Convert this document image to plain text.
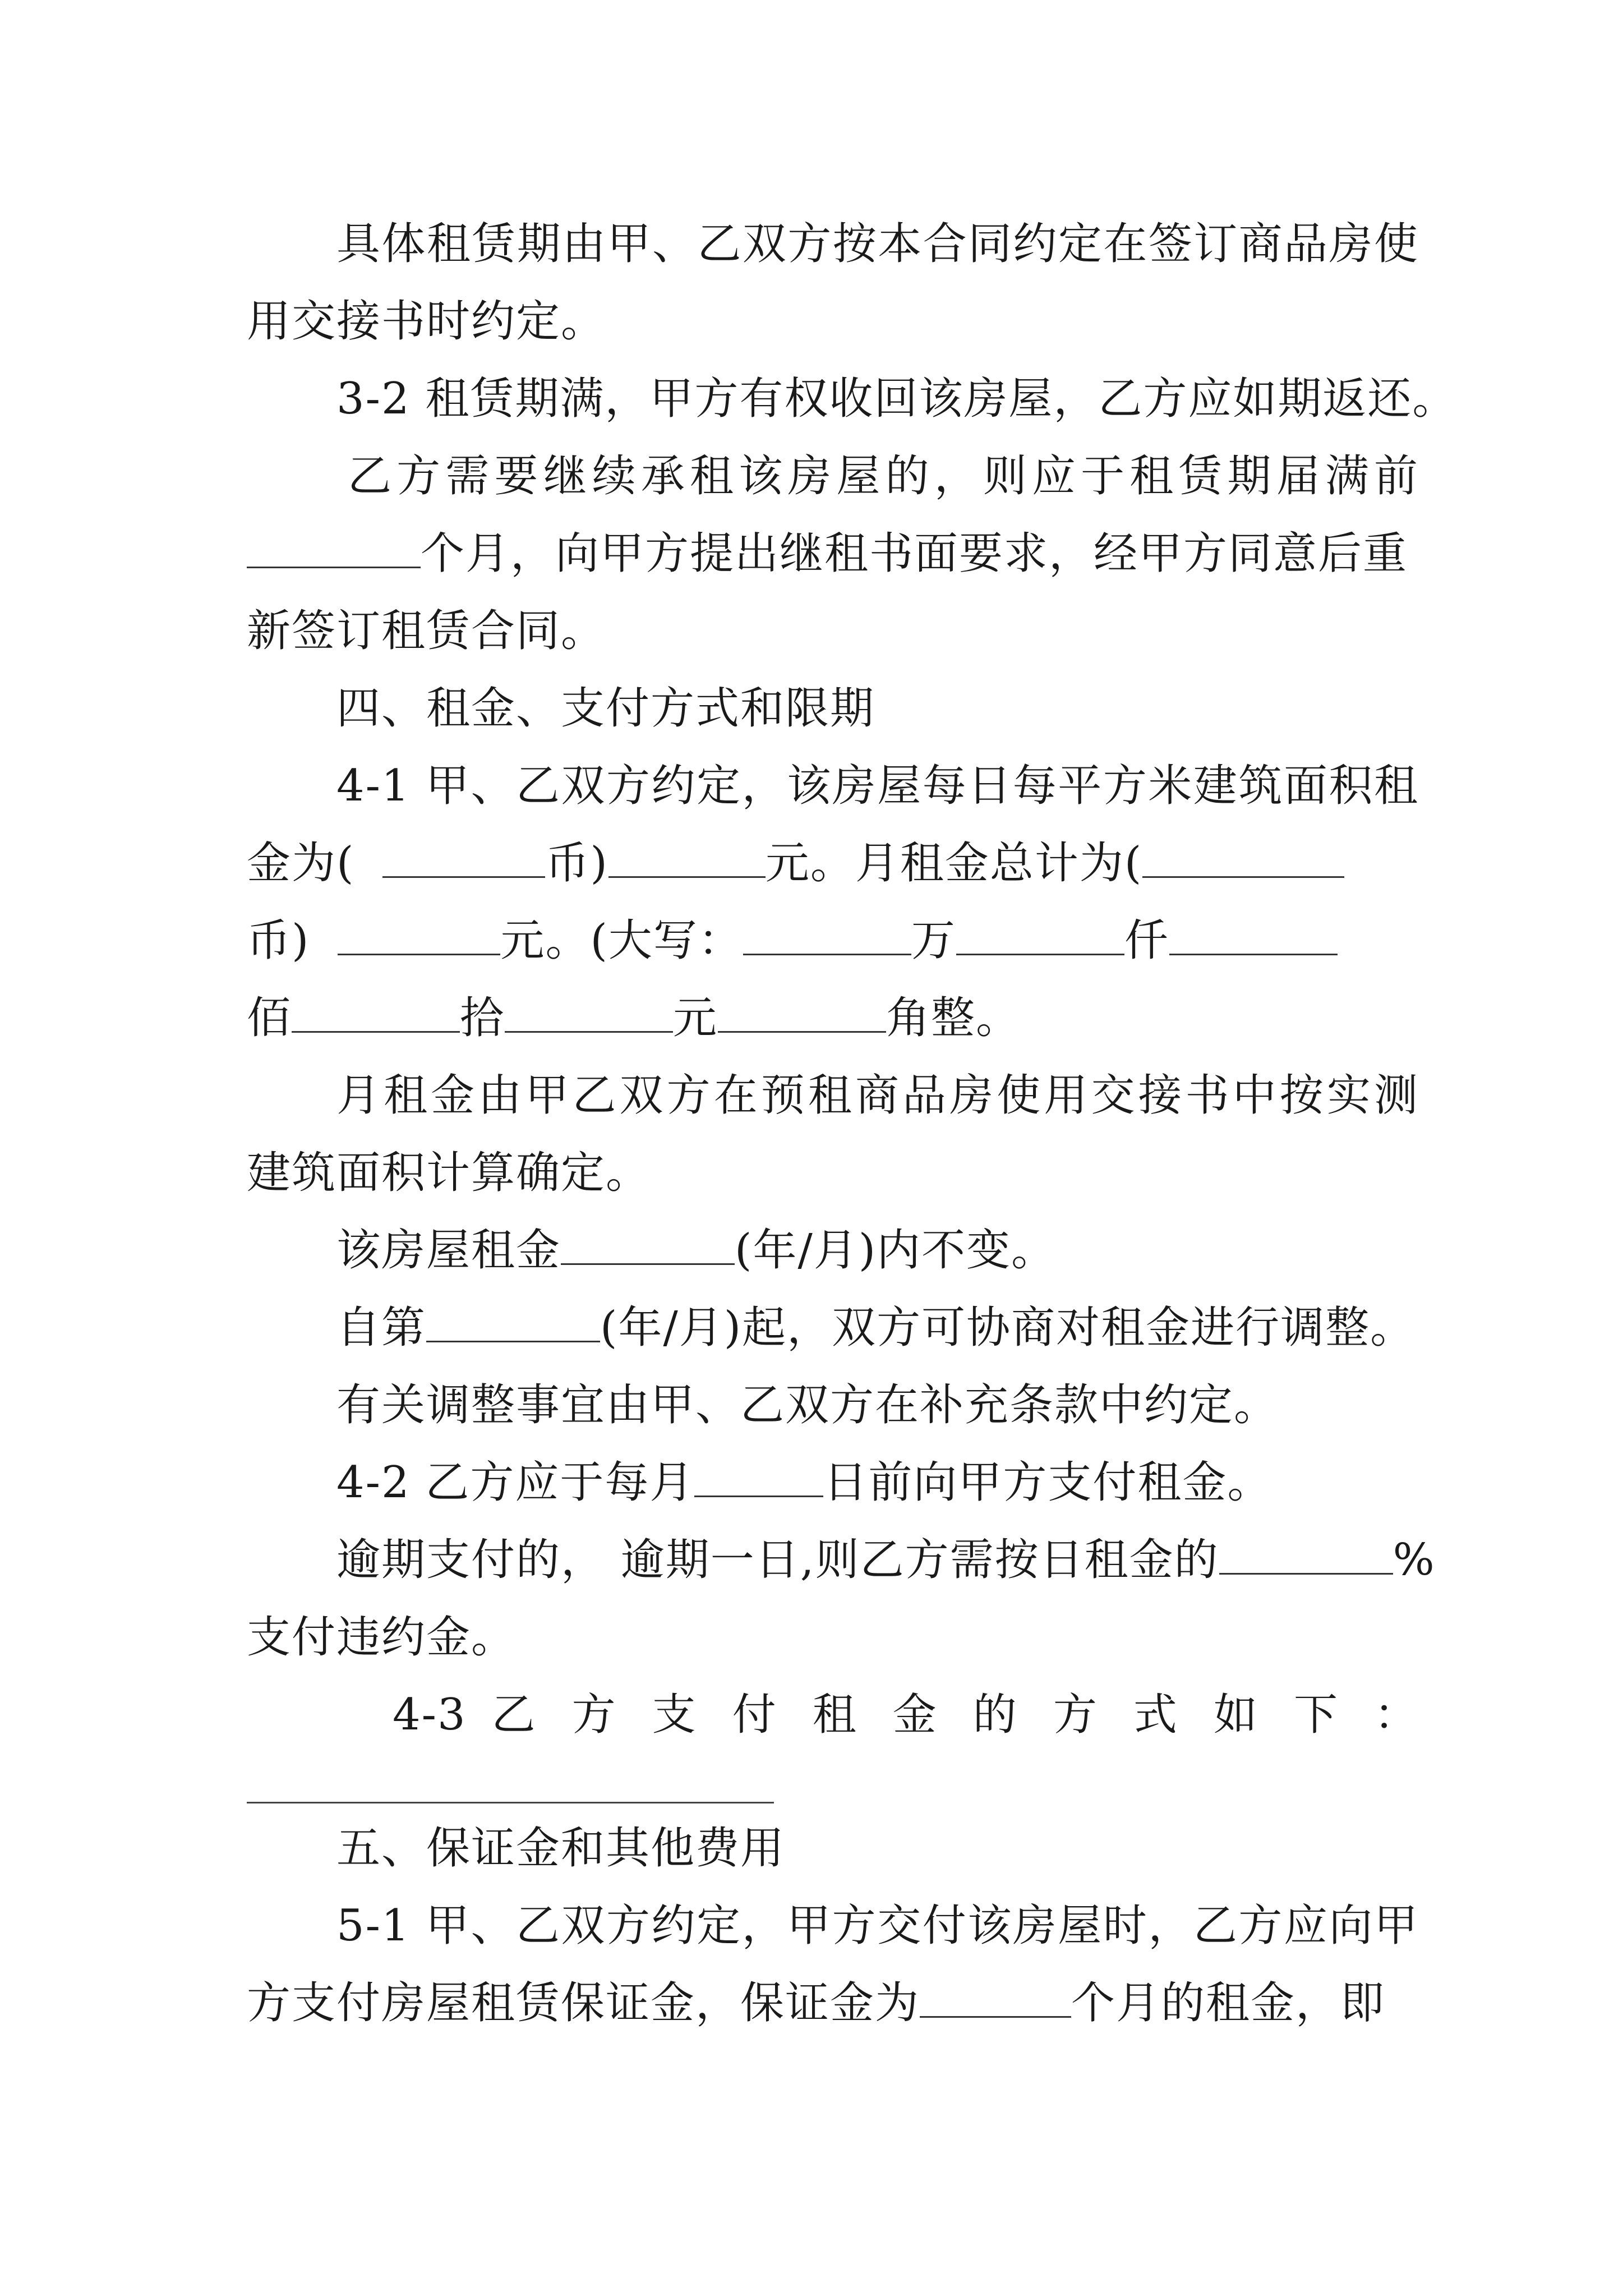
具体租赁期由甲、乙双方按本合同约定在签订商品房使
用交接书时约定。
3-2 租赁期满，甲方有权收回该房屋，乙方应如期返还。
乙方需要继续承租该房屋的，则应于租赁期届满前
个月，向甲方提出继租书面要求，经甲方同意后重
新签订租赁合同。
四、租金、支付方式和限期
4-1 甲、乙双方约定，该房屋每日每平方米建筑面积租
金为(	币)	元。月租金总计为(
币)	元。(大写：	万	仟
佰	拾	元	角整。
月租金由甲乙双方在预租商品房使用交接书中按实测
建筑面积计算确定。
该房屋租金	(年/月)内不变。
自第	(年/月)起，双方可协商对租金进行调整。
有关调整事宜由甲、乙双方在补充条款中约定。
4-2 乙方应于每月	日前向甲方支付租金。
逾期支付的， 逾期一日,则乙方需按日租金的	%
支付违约金。
4-3 乙 方 支 付 租 金 的 方 式 如 下 ：
五、保证金和其他费用
5-1 甲、乙双方约定，甲方交付该房屋时，乙方应向甲
方支付房屋租赁保证金，保证金为	个月的租金，即
